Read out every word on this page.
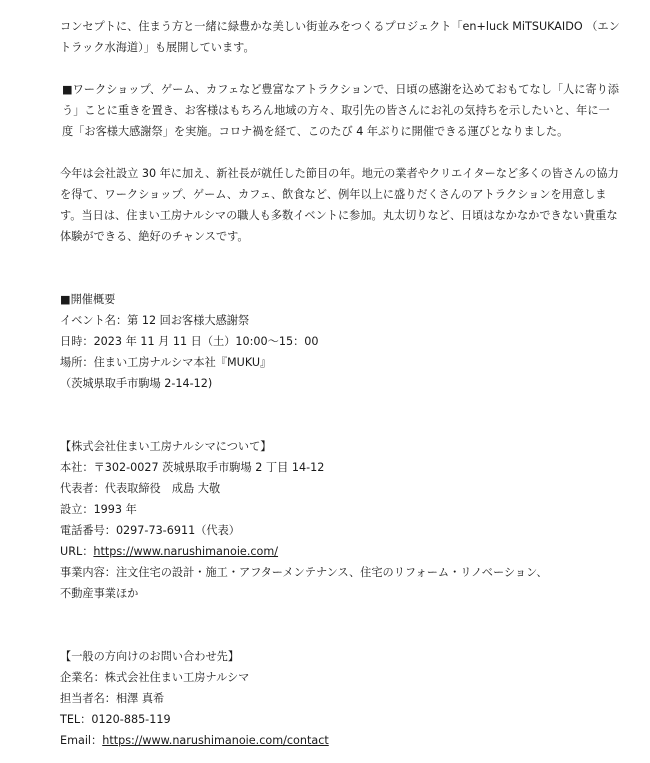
コンセプトに、住まう方と一緒に緑豊かな美しい街並みをつくるプロジェクト「en+luck MiTSUKAIDO （エントラック水海道）」も展開しています。

■ワークショップ、ゲーム、カフェなど豊富なアトラクションで、日頃の感謝を込めておもてなし「人に寄り添う」ことに重きを置き、お客様はもちろん地域の方々、取引先の皆さんにお礼の気持ちを示したいと、年に一度「お客様大感謝祭」を実施。コロナ禍を経て、このたび 4 年ぶりに開催できる運びとなりました。

今年は会社設立 30 年に加え、新社長が就任した節目の年。地元の業者やクリエイターなど多くの皆さんの協力を得て、ワークショップ、ゲーム、カフェ、飲食など、例年以上に盛りだくさんのアトラクションを用意します。当日は、住まい工房ナルシマの職人も多数イベントに参加。丸太切りなど、日頃はなかなかできない貴重な体験ができる、絶好のチャンスです。

■開催概要
イベント名：第 12 回お客様大感謝祭
日時：2023 年 11 月 11 日（土）10:00～15：00
場所：住まい工房ナルシマ本社『MUKU』
（茨城県取手市駒場 2-14-12)
【株式会社住まい工房ナルシマについて】
本社：〒302-0027 茨城県取手市駒場 2 丁目 14-12
代表者：代表取締役　成島 大敬
設立：1993 年
電話番号：0297-73-6911（代表）
URL：https://www.narushimanoie.com/
事業内容：注文住宅の設計・施工・アフターメンテナンス、住宅のリフォーム・リノベーション、
不動産事業ほか
【一般の方向けのお問い合わせ先】
企業名：株式会社住まい工房ナルシマ
担当者名：相澤 真希
TEL：0120-885-119
Email：https://www.narushimanoie.com/contact
